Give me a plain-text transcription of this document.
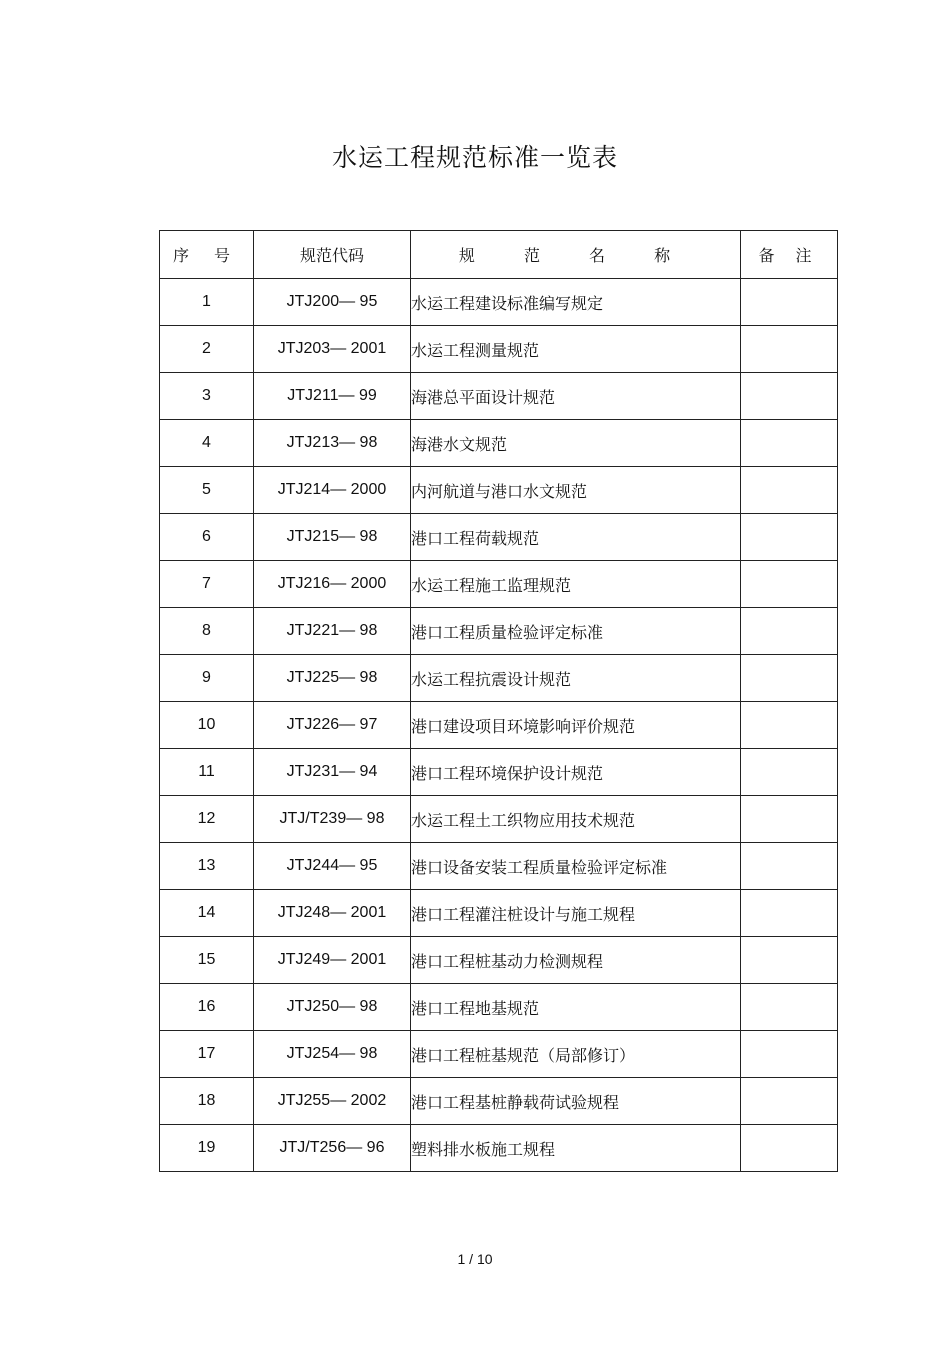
水运工程规范标准一览表
序 号	规范代码	规 范 名 称	备 注
1	JTJ200— 95	水运工程建设标准编写规定	
2	JTJ203— 2001	水运工程测量规范	
3	JTJ211— 99	海港总平面设计规范	
4	JTJ213— 98	海港水文规范	
5	JTJ214— 2000	内河航道与港口水文规范	
6	JTJ215— 98	港口工程荷载规范	
7	JTJ216— 2000	水运工程施工监理规范	
8	JTJ221— 98	港口工程质量检验评定标准	
9	JTJ225— 98	水运工程抗震设计规范	
10	JTJ226— 97	港口建设项目环境影响评价规范	
11	JTJ231— 94	港口工程环境保护设计规范	
12	JTJ/T239— 98	水运工程土工织物应用技术规范	
13	JTJ244— 95	港口设备安装工程质量检验评定标准	
14	JTJ248— 2001	港口工程灌注桩设计与施工规程	
15	JTJ249— 2001	港口工程桩基动力检测规程	
16	JTJ250— 98	港口工程地基规范	
17	JTJ254— 98	港口工程桩基规范（局部修订）	
18	JTJ255— 2002	港口工程基桩静载荷试验规程	
19	JTJ/T256— 96	塑料排水板施工规程	
1 / 10
